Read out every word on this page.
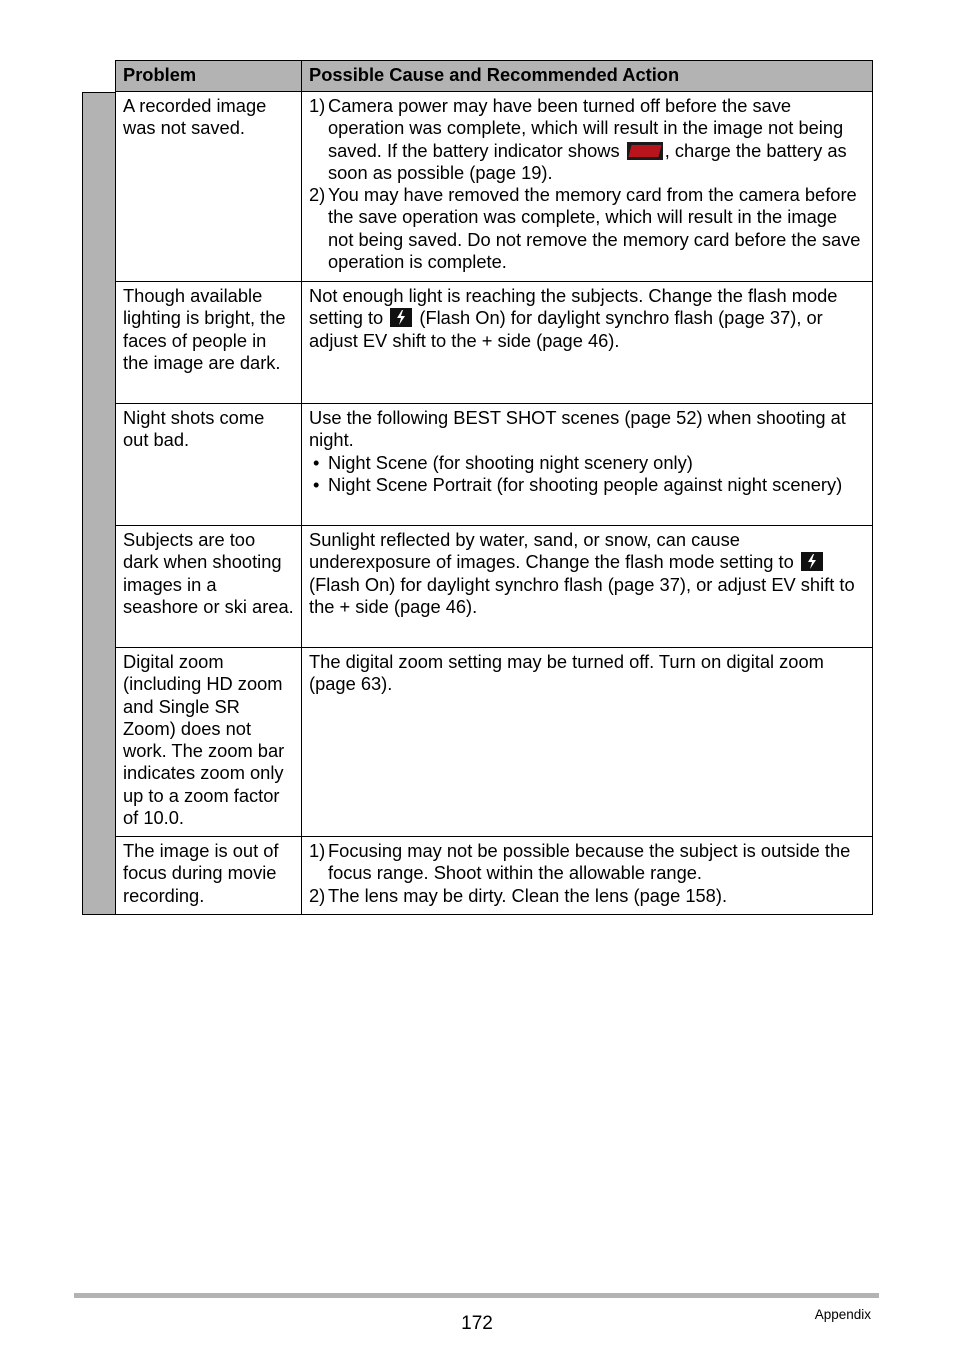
Problem	Possible Cause and Recommended Action
A recorded image was not saved.	1) Camera power may have been turned off before the save operation was complete, which will result in the image not being saved. If the battery indicator shows
, charge the battery as soon as possible (page 19).
2) You may have removed the memory card from the camera before the save operation was complete, which will result in the image not being saved. Do not remove the memory card before the save operation is complete.

Though available lighting is bright, the faces of people in the image are dark.	Not enough light is reaching the subjects. Change the flash mode setting to
(Flash On) for daylight synchro flash (page 37), or adjust EV shift to the + side (page 46).
Night shots come out bad.	Use the following BEST SHOT scenes (page 52) when shooting at night.
• Night Scene (for shooting night scenery only)
• Night Scene Portrait (for shooting people against night scenery)

Subjects are too dark when shooting images in a seashore or ski area.	Sunlight reflected by water, sand, or snow, can cause underexposure of images. Change the flash mode setting to
(Flash On) for daylight synchro flash (page 37), or adjust EV shift to the + side (page 46).
Digital zoom (including HD zoom and Single SR Zoom) does not work. The zoom bar indicates zoom only up to a zoom factor of 10.0.	The digital zoom setting may be turned off. Turn on digital zoom (page 63).
The image is out of focus during movie recording.	1) Focusing may not be possible because the subject is outside the focus range. Shoot within the allowable range.
2) The lens may be dirty. Clean the lens (page 158).
172	Appendix
